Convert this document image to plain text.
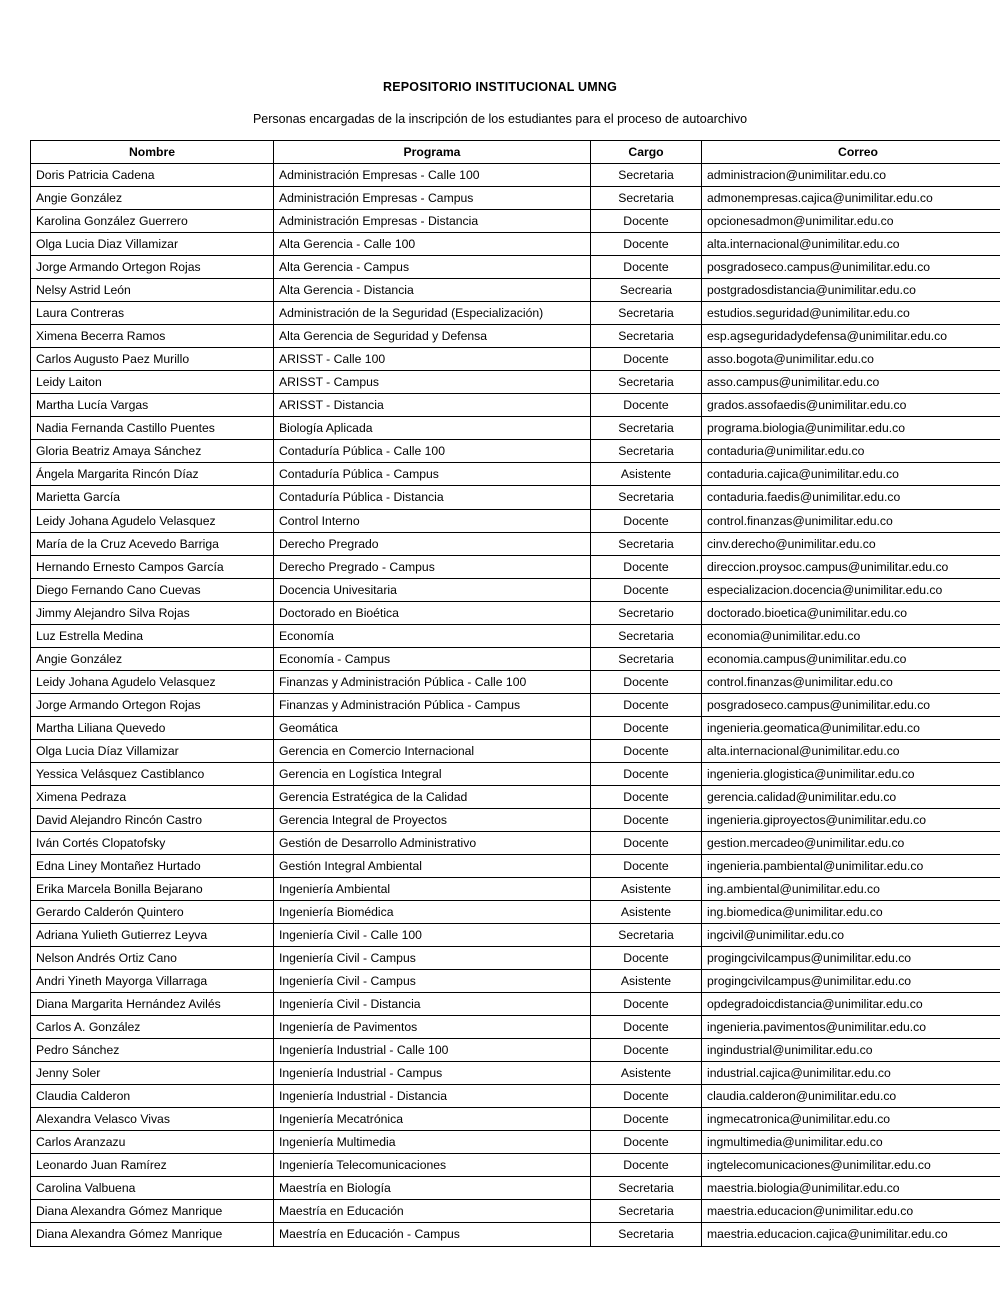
REPOSITORIO INSTITUCIONAL UMNG

Personas encargadas de la inscripción de los estudiantes para el proceso de autoarchivo

Nombre	Programa	Cargo	Correo
Doris Patricia Cadena	Administración Empresas - Calle 100	Secretaria	administracion@unimilitar.edu.co
Angie González	Administración Empresas - Campus	Secretaria	admonempresas.cajica@unimilitar.edu.co
Karolina González Guerrero	Administración Empresas - Distancia	Docente	opcionesadmon@unimilitar.edu.co
Olga Lucia Diaz Villamizar	Alta Gerencia - Calle 100	Docente	alta.internacional@unimilitar.edu.co
Jorge Armando Ortegon Rojas	Alta Gerencia - Campus	Docente	posgradoseco.campus@unimilitar.edu.co
Nelsy Astrid León	Alta Gerencia - Distancia	Secrearia	postgradosdistancia@unimilitar.edu.co
Laura Contreras	Administración de la Seguridad (Especialización)	Secretaria	estudios.seguridad@unimilitar.edu.co
Ximena Becerra Ramos	Alta Gerencia de Seguridad y Defensa	Secretaria	esp.agseguridadydefensa@unimilitar.edu.co
Carlos Augusto Paez Murillo	ARISST - Calle 100	Docente	asso.bogota@unimilitar.edu.co
Leidy Laiton	ARISST - Campus	Secretaria	asso.campus@unimilitar.edu.co
Martha Lucía Vargas	ARISST - Distancia	Docente	grados.assofaedis@unimilitar.edu.co
Nadia Fernanda Castillo Puentes	Biología Aplicada	Secretaria	programa.biologia@unimilitar.edu.co
Gloria Beatriz Amaya Sánchez	Contaduría Pública - Calle 100	Secretaria	contaduria@unimilitar.edu.co
Ángela Margarita Rincón Díaz	Contaduría Pública - Campus	Asistente	contaduria.cajica@unimilitar.edu.co
Marietta García	Contaduría Pública - Distancia	Secretaria	contaduria.faedis@unimilitar.edu.co
Leidy Johana Agudelo Velasquez	Control Interno	Docente	control.finanzas@unimilitar.edu.co
María de la Cruz Acevedo Barriga	Derecho Pregrado	Secretaria	cinv.derecho@unimilitar.edu.co
Hernando Ernesto Campos García	Derecho Pregrado - Campus	Docente	direccion.proysoc.campus@unimilitar.edu.co
Diego Fernando Cano Cuevas	Docencia Univesitaria	Docente	especializacion.docencia@unimilitar.edu.co
Jimmy Alejandro Silva Rojas	Doctorado en Bioética	Secretario	doctorado.bioetica@unimilitar.edu.co
Luz Estrella Medina	Economía	Secretaria	economia@unimilitar.edu.co
Angie González	Economía - Campus	Secretaria	economia.campus@unimilitar.edu.co
Leidy Johana Agudelo Velasquez	Finanzas y Administración Pública - Calle 100	Docente	control.finanzas@unimilitar.edu.co
Jorge Armando Ortegon Rojas	Finanzas y Administración Pública - Campus	Docente	posgradoseco.campus@unimilitar.edu.co
Martha Liliana Quevedo	Geomática	Docente	ingenieria.geomatica@unimilitar.edu.co
Olga Lucia Díaz Villamizar	Gerencia en Comercio Internacional	Docente	alta.internacional@unimilitar.edu.co
Yessica Velásquez Castiblanco	Gerencia en Logística Integral	Docente	ingenieria.glogistica@unimilitar.edu.co
Ximena Pedraza	Gerencia Estratégica de la Calidad	Docente	gerencia.calidad@unimilitar.edu.co
David Alejandro Rincón Castro	Gerencia Integral de Proyectos	Docente	ingenieria.giproyectos@unimilitar.edu.co
Iván Cortés Clopatofsky	Gestión de Desarrollo Administrativo	Docente	gestion.mercadeo@unimilitar.edu.co
Edna Liney Montañez Hurtado	Gestión Integral Ambiental	Docente	ingenieria.pambiental@unimilitar.edu.co
Erika Marcela Bonilla Bejarano	Ingeniería Ambiental	Asistente	ing.ambiental@unimilitar.edu.co
Gerardo Calderón Quintero	Ingeniería Biomédica	Asistente	ing.biomedica@unimilitar.edu.co
Adriana Yulieth Gutierrez Leyva	Ingeniería Civil - Calle 100	Secretaria	ingcivil@unimilitar.edu.co
Nelson Andrés Ortiz Cano	Ingeniería Civil - Campus	Docente	progingcivilcampus@unimilitar.edu.co
Andri Yineth Mayorga Villarraga	Ingeniería Civil - Campus	Asistente	progingcivilcampus@unimilitar.edu.co
Diana Margarita Hernández Avilés	Ingeniería Civil - Distancia	Docente	opdegradoicdistancia@unimilitar.edu.co
Carlos A. González	Ingeniería de Pavimentos	Docente	ingenieria.pavimentos@unimilitar.edu.co
Pedro Sánchez	Ingeniería Industrial - Calle 100	Docente	ingindustrial@unimilitar.edu.co
Jenny Soler	Ingeniería Industrial - Campus	Asistente	industrial.cajica@unimilitar.edu.co
Claudia Calderon	Ingeniería Industrial - Distancia	Docente	claudia.calderon@unimilitar.edu.co
Alexandra Velasco Vivas	Ingeniería Mecatrónica	Docente	ingmecatronica@unimilitar.edu.co
Carlos Aranzazu	Ingeniería Multimedia	Docente	ingmultimedia@unimilitar.edu.co
Leonardo Juan Ramírez	Ingeniería Telecomunicaciones	Docente	ingtelecomunicaciones@unimilitar.edu.co
Carolina Valbuena	Maestría en Biología	Secretaria	maestria.biologia@unimilitar.edu.co
Diana Alexandra Gómez Manrique	Maestría en Educación	Secretaria	maestria.educacion@unimilitar.edu.co
Diana Alexandra Gómez Manrique	Maestría en Educación - Campus	Secretaria	maestria.educacion.cajica@unimilitar.edu.co
